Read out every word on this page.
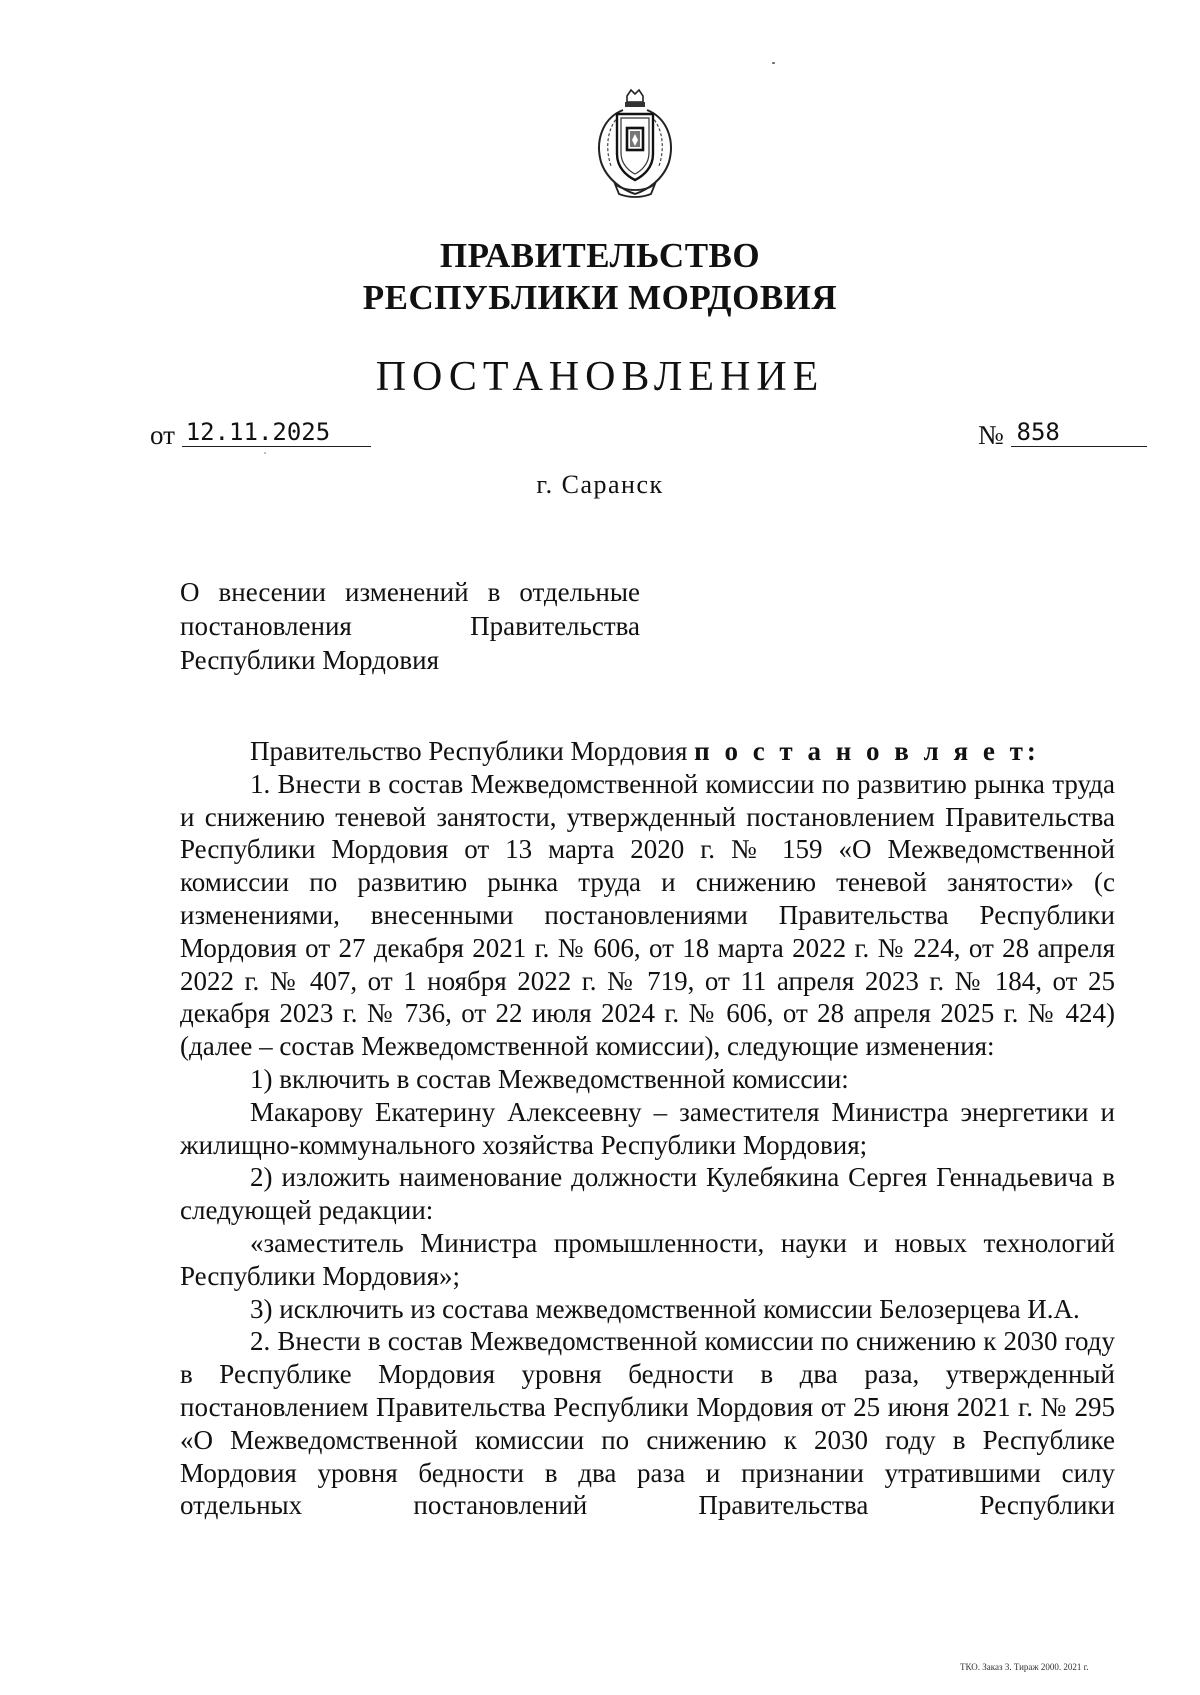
ПРАВИТЕЛЬСТВО
РЕСПУБЛИКИ МОРДОВИЯ
ПОСТАНОВЛЕНИЕ
от 12.11.2025	№ 858
г. Саранск
О внесении изменений в отдельные
постановления Правительства
Республики Мордовия

Правительство Республики Мордовия п о с т а н о в л я е т:

1. Внести в состав Межведомственной комиссии по развитию рынка труда и снижению теневой занятости, утвержденный постановлением Правительства Республики Мордовия от 13 марта 2020 г. № 159 «О Межведомственной комиссии по развитию рынка труда и снижению теневой занятости» (с изменениями, внесенными постановлениями Правительства Республики Мордовия от 27 декабря 2021 г. № 606, от 18 марта 2022 г. № 224, от 28 апреля 2022 г. № 407, от 1 ноября 2022 г. № 719, от 11 апреля 2023 г. № 184, от 25 декабря 2023 г. № 736, от 22 июля 2024 г. № 606, от 28 апреля 2025 г. № 424) (далее – состав Межведомственной комиссии), следующие изменения:

1) включить в состав Межведомственной комиссии:

Макарову Екатерину Алексеевну – заместителя Министра энергетики и жилищно-коммунального хозяйства Республики Мордовия;

2) изложить наименование должности Кулебякина Сергея Геннадьевича в следующей редакции:

«заместитель Министра промышленности, науки и новых технологий Республики Мордовия»;

3) исключить из состава межведомственной комиссии Белозерцева И.А.

2. Внести в состав Межведомственной комиссии по снижению к 2030 году в Республике Мордовия уровня бедности в два раза, утвержденный постановлением Правительства Республики Мордовия от 25 июня 2021 г. № 295 «О Межведомственной комиссии по снижению к 2030 году в Республике Мордовия уровня бедности в два раза и признании утратившими силу отдельных постановлений Правительства Республики

ТКО. Заказ 3. Тираж 2000. 2021 г.
